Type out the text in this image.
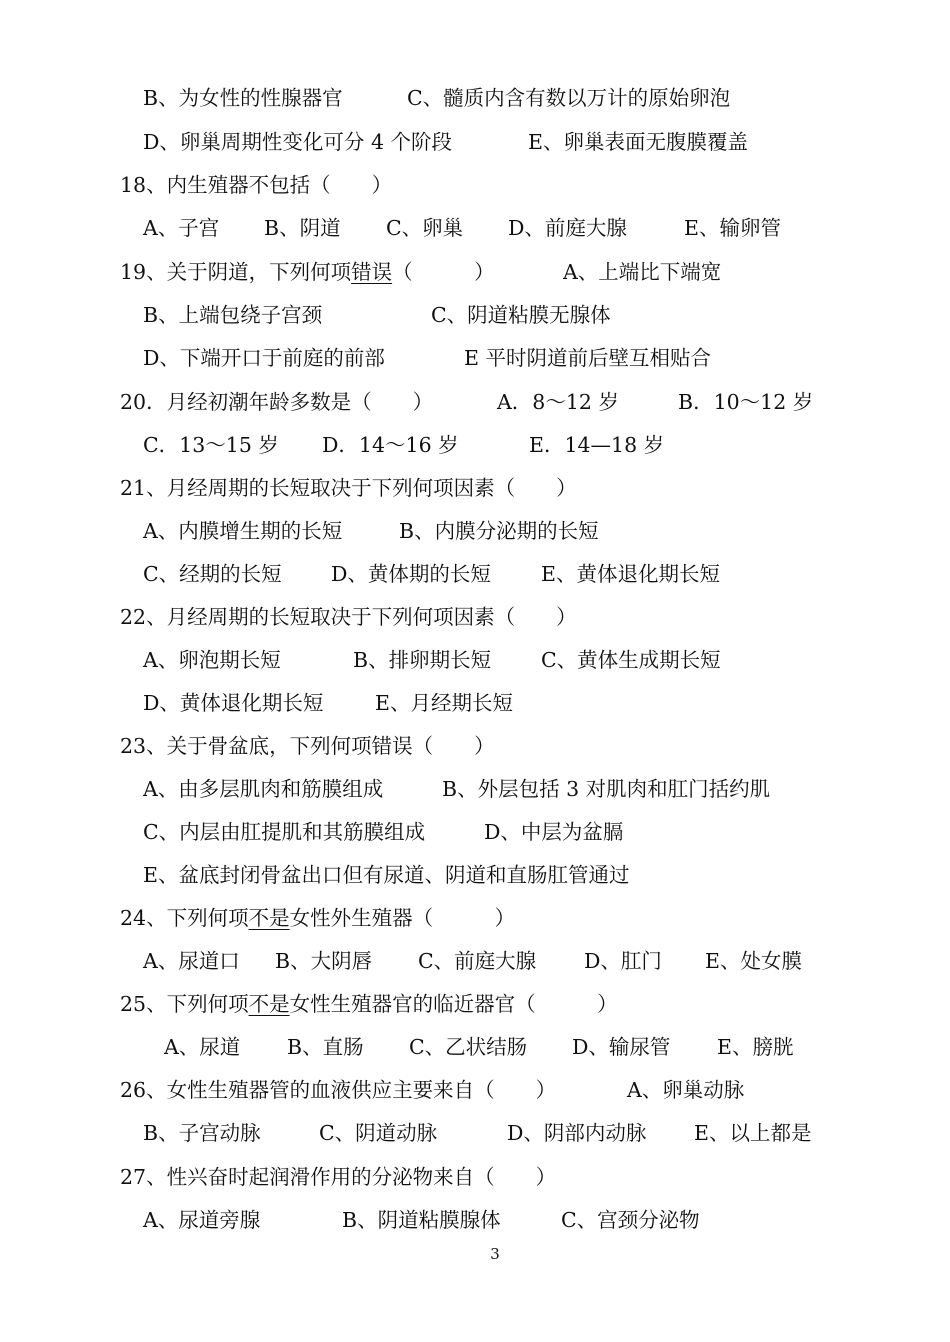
B、为女性的性腺器官	C、髓质内含有数以万计的原始卵泡
D、卵巢周期性变化可分 4 个阶段	E、卵巢表面无腹膜覆盖
18、内生殖器不包括（　　 ）
A、子宫 B、阴道 C、卵巢 D、前庭大腺	E、输卵管
19、关于阴道，下列何项错误（　　　）	A、上端比下端宽
B、上端包绕子宫颈	C、阴道粘膜无腺体
D、下端开口于前庭的前部	E 平时阴道前后壁互相贴合
20．月经初潮年龄多数是（　　 ）	A．8～12 岁	B．10～12 岁
C．13～15 岁 D．14～16 岁	E．14—18 岁
21、月经周期的长短取决于下列何项因素（　　 ）
A、内膜增生期的长短	B、内膜分泌期的长短
C、经期的长短 D、黄体期的长短 E、黄体退化期长短
22、月经周期的长短取决于下列何项因素（　　 ）
A、卵泡期长短	B、排卵期长短 C、黄体生成期长短
D、黄体退化期长短	E、月经期长短
23、关于骨盆底，下列何项错误（　　 ）
A、由多层肌肉和筋膜组成	B、外层包括 3 对肌肉和肛门括约肌
C、内层由肛提肌和其筋膜组成	D、中层为盆膈
E、盆底封闭骨盆出口但有尿道、阴道和直肠肛管通过
24、下列何项不是女性外生殖器（　　　）
A、尿道口 B、大阴唇 C、前庭大腺 D、肛门 E、处女膜
25、下列何项不是女性生殖器官的临近器官（　　　）
A、尿道 B、直肠 C、乙状结肠 D、输尿管 E、膀胱
26、女性生殖器管的血液供应主要来自（　　 ）	A、卵巢动脉
B、子宫动脉	C、阴道动脉	D、阴部内动脉 E、以上都是
27、性兴奋时起润滑作用的分泌物来自（　　 ）
A、尿道旁腺	B、阴道粘膜腺体	C、宫颈分泌物
3
